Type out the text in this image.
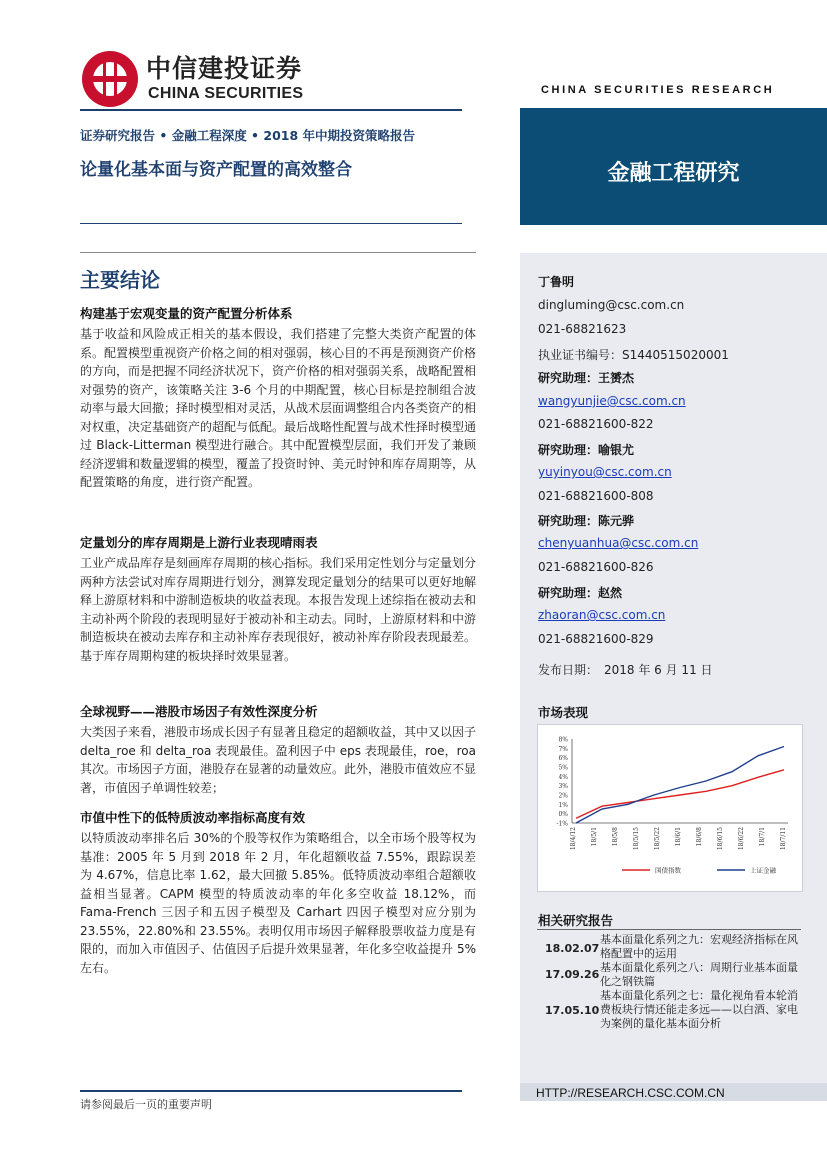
中信建投证券
CHINA SECURITIES	CHINA SECURITIES RESEARCH
证券研究报告 • 金融工程深度 • 2018 年中期投资策略报告
论量化基本面与资产配置的高效整合	金融工程研究
主要结论
构建基于宏观变量的资产配置分析体系
基于收益和风险成正相关的基本假设，我们搭建了完整大类资产配置的体系。配置模型重视资产价格之间的相对强弱，核心目的不再是预测资产价格的方向，而是把握不同经济状况下，资产价格的相对强弱关系，战略配置相对强势的资产，该策略关注 3-6 个月的中期配置，核心目标是控制组合波动率与最大回撤；择时模型相对灵活，从战术层面调整组合内各类资产的相对权重，决定基础资产的超配与低配。最后战略性配置与战术性择时模型通过 Black-Litterman 模型进行融合。其中配置模型层面，我们开发了兼顾经济逻辑和数量逻辑的模型，覆盖了投资时钟、美元时钟和库存周期等，从配置策略的角度，进行资产配置。
定量划分的库存周期是上游行业表现晴雨表
工业产成品库存是刻画库存周期的核心指标。我们采用定性划分与定量划分两种方法尝试对库存周期进行划分，测算发现定量划分的结果可以更好地解释上游原材料和中游制造板块的收益表现。本报告发现上述综指在被动去和主动补两个阶段的表现明显好于被动补和主动去。同时，上游原材料和中游制造板块在被动去库存和主动补库存表现很好，被动补库存阶段表现最差。基于库存周期构建的板块择时效果显著。
全球视野——港股市场因子有效性深度分析
大类因子来看，港股市场成长因子有显著且稳定的超额收益，其中又以因子 delta_roe 和 delta_roa 表现最佳。盈利因子中 eps 表现最佳，roe，roa 其次。市场因子方面，港股存在显著的动量效应。此外，港股市值效应不显著，市值因子单调性较差；
市值中性下的低特质波动率指标高度有效
以特质波动率排名后 30%的个股等权作为策略组合，以全市场个股等权为基准：2005 年 5 月到 2018 年 2 月，年化超额收益 7.55%，跟踪误差为 4.67%，信息比率 1.62，最大回撤 5.85%。低特质波动率组合超额收益相当显著。CAPM 模型的特质波动率的年化多空收益 18.12%，而 Fama-French 三因子和五因子模型及 Carhart 四因子模型对应分别为 23.55%，22.80%和 23.55%。表明仅用市场因子解释股票收益力度是有限的，而加入市值因子、估值因子后提升效果显著，年化多空收益提升 5%左右。
丁鲁明
dingluming@csc.com.cn
021-68821623
执业证书编号：S1440515020001
研究助理：王赟杰
wangyunjie@csc.com.cn
021-68821600-822
研究助理：喻银尤
yuyinyou@csc.com.cn
021-68821600-808
研究助理：陈元骅
chenyuanhua@csc.com.cn
021-68821600-826
研究助理：赵然
zhaoran@csc.com.cn
021-68821600-829
发布日期：　2018 年 6 月 11 日
市场表现
8%
7%
6%
5%
4%
3%
2%
1%
0%
-1%
18/4/12 18/5/1 18/5/8 18/5/15 18/5/22 18/6/1 18/6/8 18/6/15 18/6/22 18/7/1 18/7/11
国债指数	上证金融
相关研究报告
18.02.07
基本面量化系列之九：宏观经济指标在风格配置中的运用
17.09.26
基本面量化系列之八：周期行业基本面量化之钢铁篇
17.05.10
基本面量化系列之七：量化视角看本轮消费板块行情还能走多远——以白酒、家电为案例的量化基本面分析
HTTP://RESEARCH.CSC.COM.CN
请参阅最后一页的重要声明
